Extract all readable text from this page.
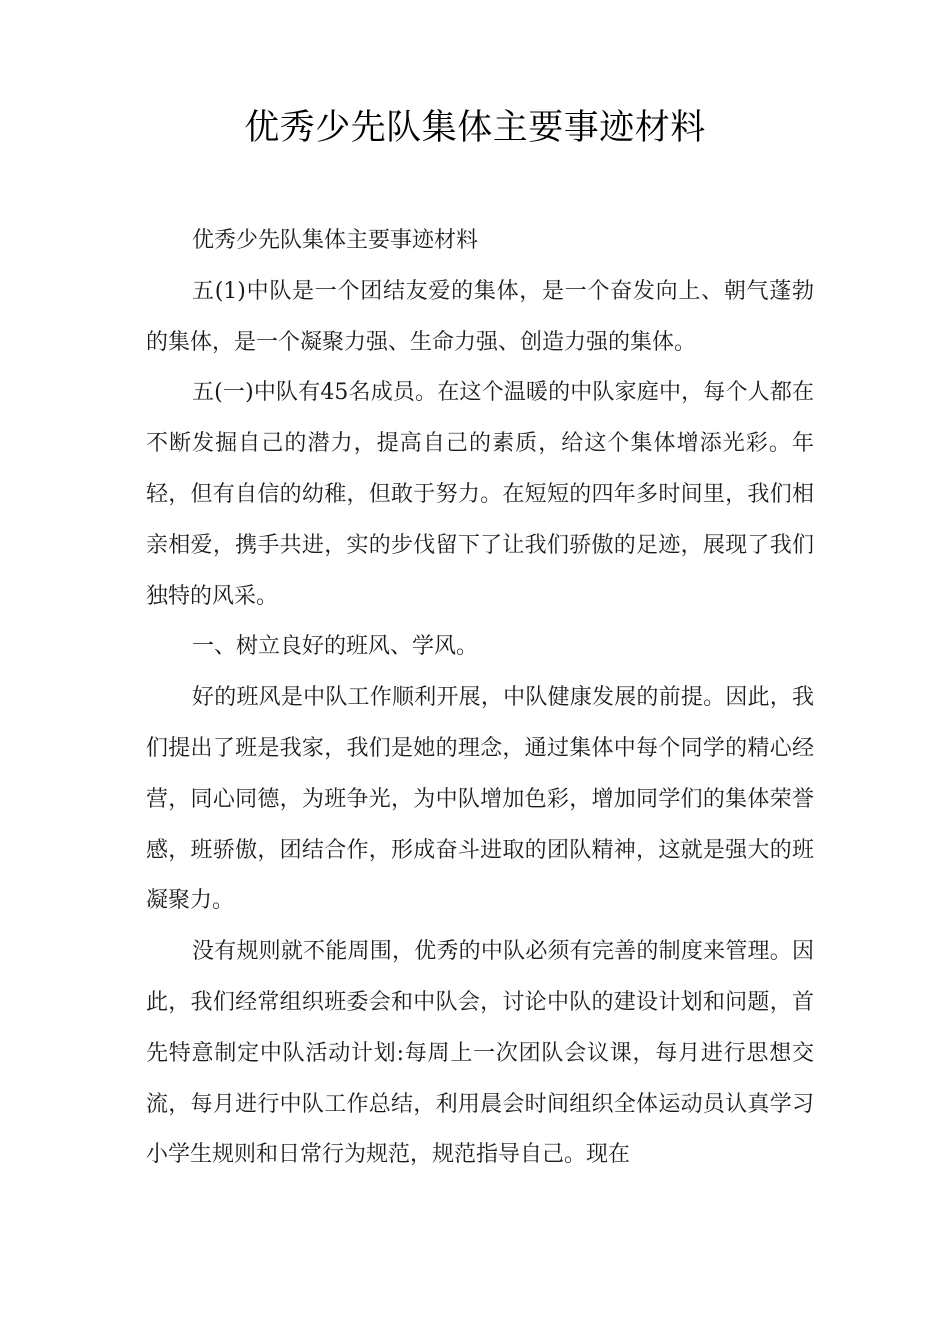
优秀少先队集体主要事迹材料

优秀少先队集体主要事迹材料

五(1)中队是一个团结友爱的集体，是一个奋发向上、朝气蓬勃的集体，是一个凝聚力强、生命力强、创造力强的集体。

五(一)中队有45名成员。在这个温暖的中队家庭中，每个人都在不断发掘自己的潜力，提高自己的素质，给这个集体增添光彩。年轻，但有自信的幼稚，但敢于努力。在短短的四年多时间里，我们相亲相爱，携手共进，实的步伐留下了让我们骄傲的足迹，展现了我们独特的风采。

一、树立良好的班风、学风。

好的班风是中队工作顺利开展，中队健康发展的前提。因此，我们提出了班是我家，我们是她的理念，通过集体中每个同学的精心经营，同心同德，为班争光，为中队增加色彩，增加同学们的集体荣誉感，班骄傲，团结合作，形成奋斗进取的团队精神，这就是强大的班凝聚力。

没有规则就不能周围，优秀的中队必须有完善的制度来管理。因此，我们经常组织班委会和中队会，讨论中队的建设计划和问题，首先特意制定中队活动计划:每周上一次团队会议课，每月进行思想交流，每月进行中队工作总结，利用晨会时间组织全体运动员认真学习小学生规则和日常行为规范，规范指导自己。现在
